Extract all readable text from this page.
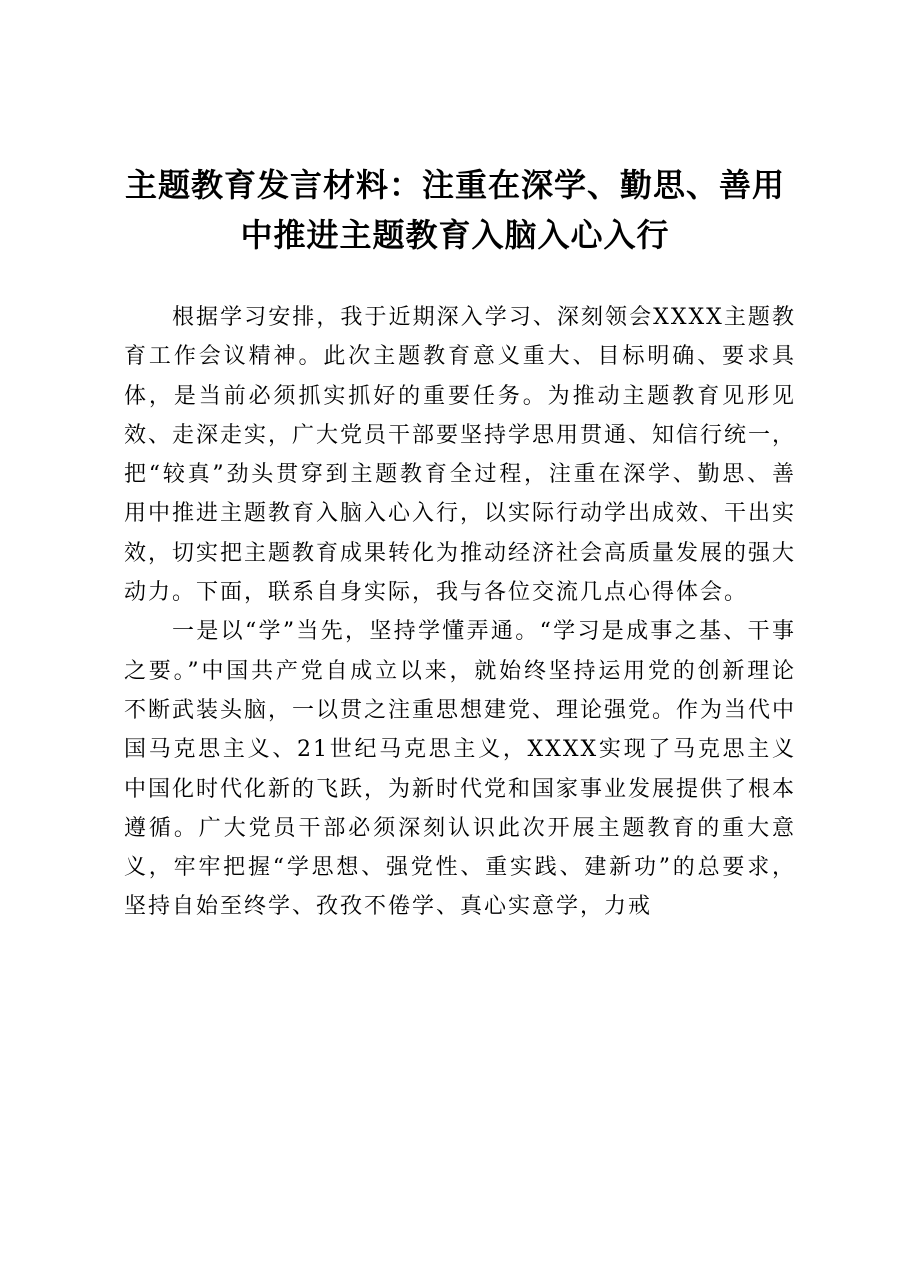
主题教育发言材料：注重在深学、勤思、善用
中推进主题教育入脑入心入行

根据学习安排，我于近期深入学习、深刻领会XXXX主题教育工作会议精神。此次主题教育意义重大、目标明确、要求具体，是当前必须抓实抓好的重要任务。为推动主题教育见形见效、走深走实，广大党员干部要坚持学思用贯通、知信行统一，把“较真”劲头贯穿到主题教育全过程，注重在深学、勤思、善用中推进主题教育入脑入心入行，以实际行动学出成效、干出实效，切实把主题教育成果转化为推动经济社会高质量发展的强大动力。下面，联系自身实际，我与各位交流几点心得体会。

一是以“学”当先，坚持学懂弄通。“学习是成事之基、干事之要。”中国共产党自成立以来，就始终坚持运用党的创新理论不断武装头脑，一以贯之注重思想建党、理论强党。作为当代中国马克思主义、21世纪马克思主义，XXXX实现了马克思主义中国化时代化新的飞跃，为新时代党和国家事业发展提供了根本遵循。广大党员干部必须深刻认识此次开展主题教育的重大意义，牢牢把握“学思想、强党性、重实践、建新功”的总要求，坚持自始至终学、孜孜不倦学、真心实意学，力戒
